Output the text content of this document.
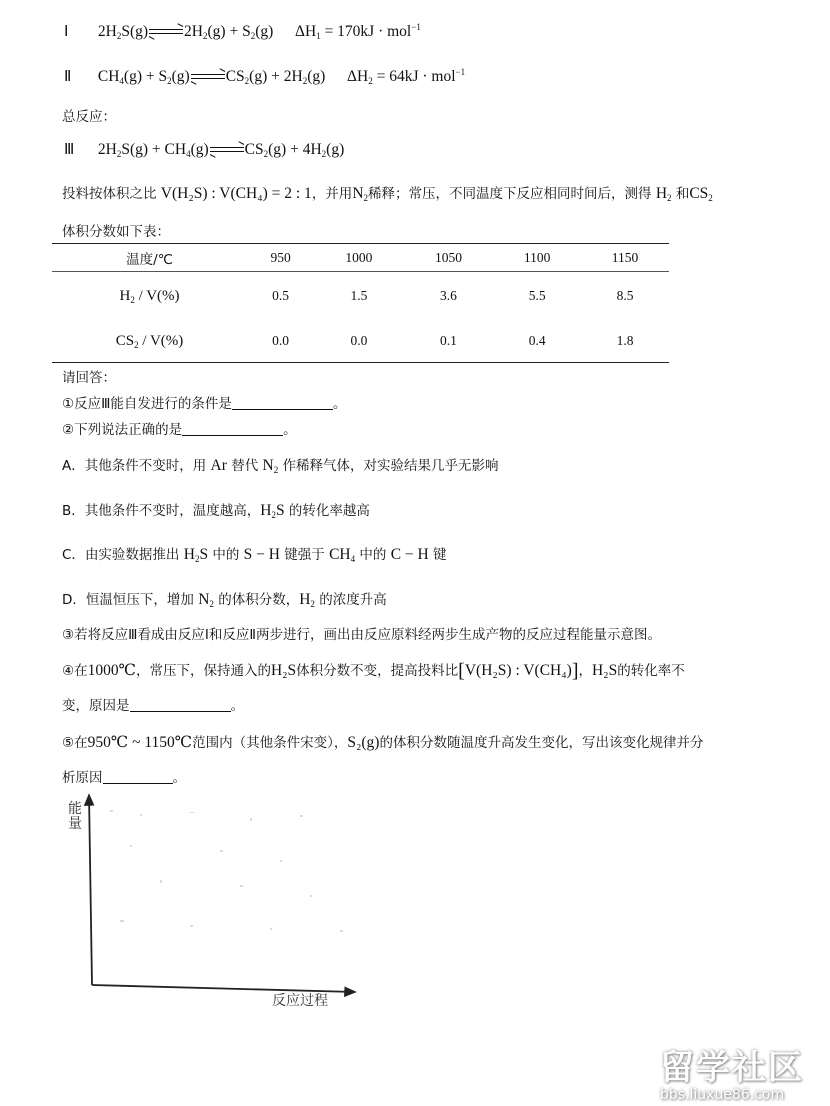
Ⅰ $2H_2S(g) 2H_2(g) + S_2(g) \Delta H_1 = 170kJ \cdot mol^{-1}$
Ⅱ $CH_4(g) + S_2(g) CS_2(g) + 2H_2(g) \Delta H_2 = 64kJ \cdot mol^{-1}$
总反应：
Ⅲ $2H_2S(g) + CH_4(g) CS_2(g) + 4H_2(g)$
投料按体积之比 V(H₂S) : V(CH₄) = 2 : 1，并用$N_2$稀释；常压，不同温度下反应相同时间后，测得 $H_2$ 和$CS_2$
体积分数如下表：
温度/℃	950	1000	1050	1100	1150
$H_2 / V(\%)$	0.5	1.5	3.6	5.5	8.5
$CS_2 / V(\%)$	0.0	0.0	0.1	0.4	1.8
请回答：
①反应Ⅲ能自发进行的条件是	。
②下列说法正确的是	。
A．其他条件不变时，用 Ar 替代 $N_2$ 作稀释气体，对实验结果几乎无影响
B．其他条件不变时，温度越高，$H_2S$ 的转化率越高
C．由实验数据推出 $H_2S$ 中的 S − H 键强于 $CH_4$ 中的 C − H 键
D．恒温恒压下，增加 $N_2$ 的体积分数，$H_2$ 的浓度升高
③若将反应Ⅲ看成由反应Ⅰ和反应Ⅱ两步进行，画出由反应原料经两步生成产物的反应过程能量示意图。
④在1000℃，常压下，保持通入的H₂S体积分数不变，提高投料比[V(H₂S) : V(CH₄)]，H₂S的转化率不
变，原因是	。
⑤在950℃ ~ 1150℃范围内（其他条件宋变），S₂(g)的体积分数随温度升高发生变化，写出该变化规律并分
析原因	。
能量
反应过程
留学社区
bbs.liuxue86.com
